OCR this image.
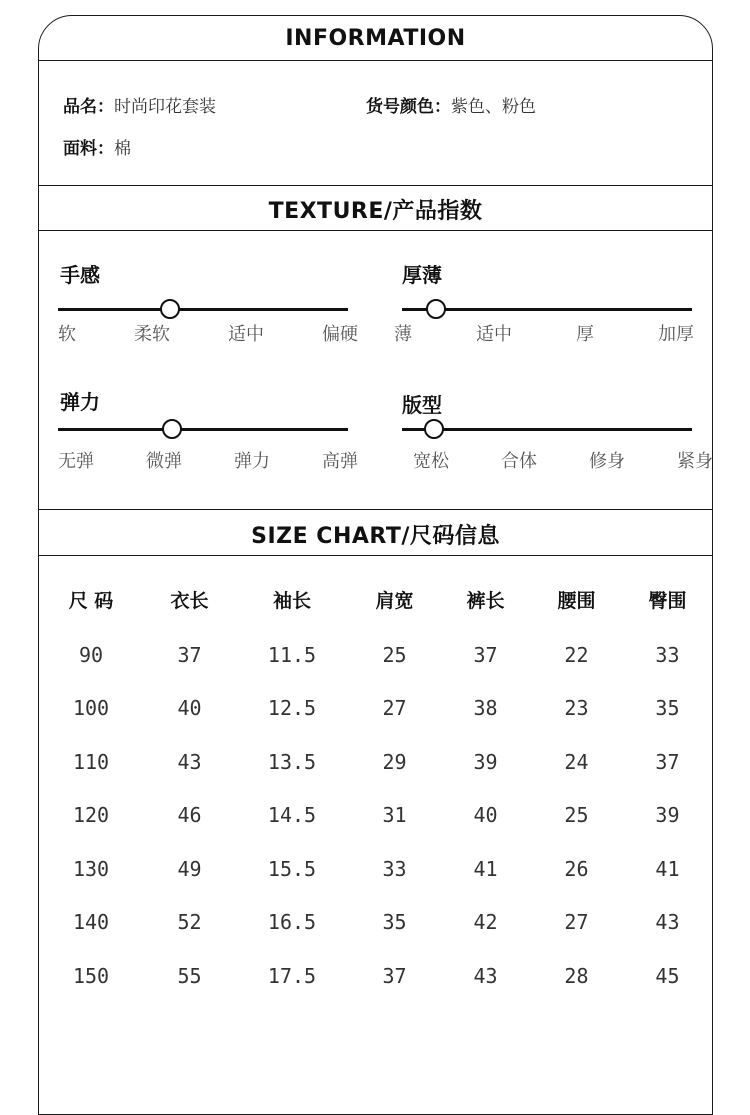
INFORMATION
品名：时尚印花套装	货号颜色：紫色、粉色
面料：棉
TEXTURE/产品指数
手感
软	柔软	适中	偏硬
厚薄
薄	适中	厚	加厚
弹力
无弹	微弹	弹力	高弹
版型
宽松	合体	修身	紧身
SIZE CHART/尺码信息
尺 码	衣长	袖长	肩宽	裤长	腰围	臀围
90	37	11.5	25	37	22	33
100	40	12.5	27	38	23	35
110	43	13.5	29	39	24	37
120	46	14.5	31	40	25	39
130	49	15.5	33	41	26	41
140	52	16.5	35	42	27	43
150	55	17.5	37	43	28	45
